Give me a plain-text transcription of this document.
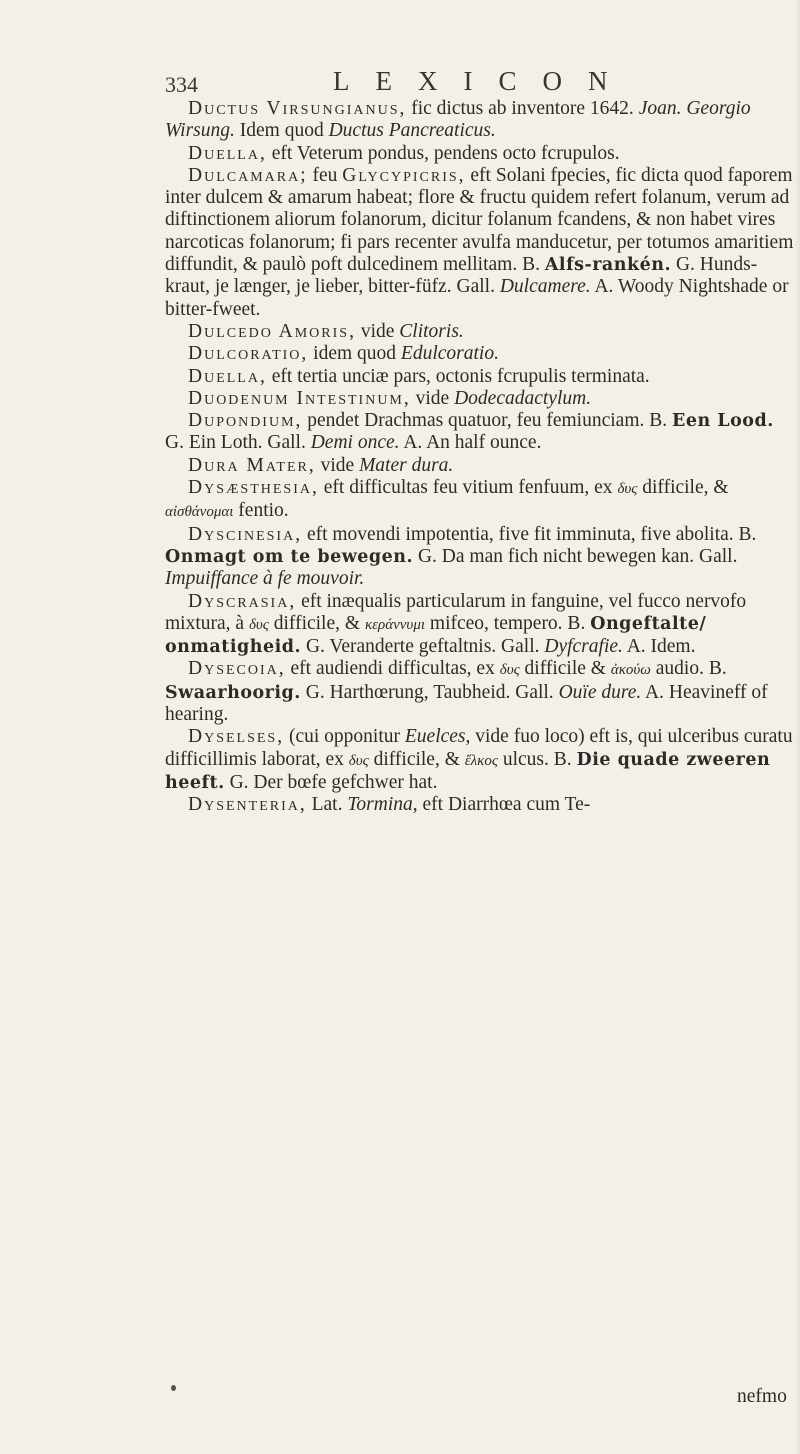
334	LEXICON

Ductus Virsungianus, fic dictus ab inventore 1642. Joan. Georgio Wirsung. Idem quod Ductus Pancreaticus.

Duella, eft Veterum pondus, pendens octo fcrupulos.

Dulcamara; feu Glycypicris, eft Solani fpecies, fic dicta quod faporem inter dulcem & amarum habeat; flore & fructu quidem refert folanum, verum ad diftinctionem aliorum folanorum, dicitur folanum fcandens, & non habet vires narcoticas folanorum; fi pars recenter avulfa manducetur, per totumos amaritiem diffundit, & paulò poft dulcedinem mellitam. B. Alfs-rankén. G. Hunds-kraut, je længer, je lieber, bitter-füfz. Gall. Dulcamere. A. Woody Nightshade or bitter-fweet.

Dulcedo Amoris, vide Clitoris.

Dulcoratio, idem quod Edulcoratio.

Duella, eft tertia unciæ pars, octonis fcrupulis terminata.

Duodenum Intestinum, vide Dodecadactylum.

Dupondium, pendet Drachmas quatuor, feu femiunciam. B. Een Lood. G. Ein Loth. Gall. Demi once. A. An half ounce.

Dura Mater, vide Mater dura.

Dysæsthesia, eft difficultas feu vitium fenfuum, ex δυς difficile, & αἰσθάνομαι fentio.

Dyscinesia, eft movendi impotentia, five fit imminuta, five abolita. B. Onmagt om te bewegen. G. Da man fich nicht bewegen kan. Gall. Impuiffance à fe mouvoir.

Dyscrasia, eft inæqualis particularum in fanguine, vel fucco nervofo mixtura, à δυς difficile, & κεράννυμι mifceo, tempero. B. Ongeftalte/ onmatigheid. G. Veranderte geftaltnis. Gall. Dyfcrafie. A. Idem.

Dysecoia, eft audiendi difficultas, ex δυς difficile & ἀκούω audio. B. Swaarhoorig. G. Harthœrung, Taubheid. Gall. Ouïe dure. A. Heavineff of hearing.

Dyselses, (cui opponitur Euelces, vide fuo loco) eft is, qui ulceribus curatu difficillimis laborat, ex δυς difficile, & ἕλκος ulcus. B. Die quade zweeren heeft. G. Der bœfe gefchwer hat.

Dysenteria, Lat. Tormina, eft Diarrhœa cum Te-

nefmo
